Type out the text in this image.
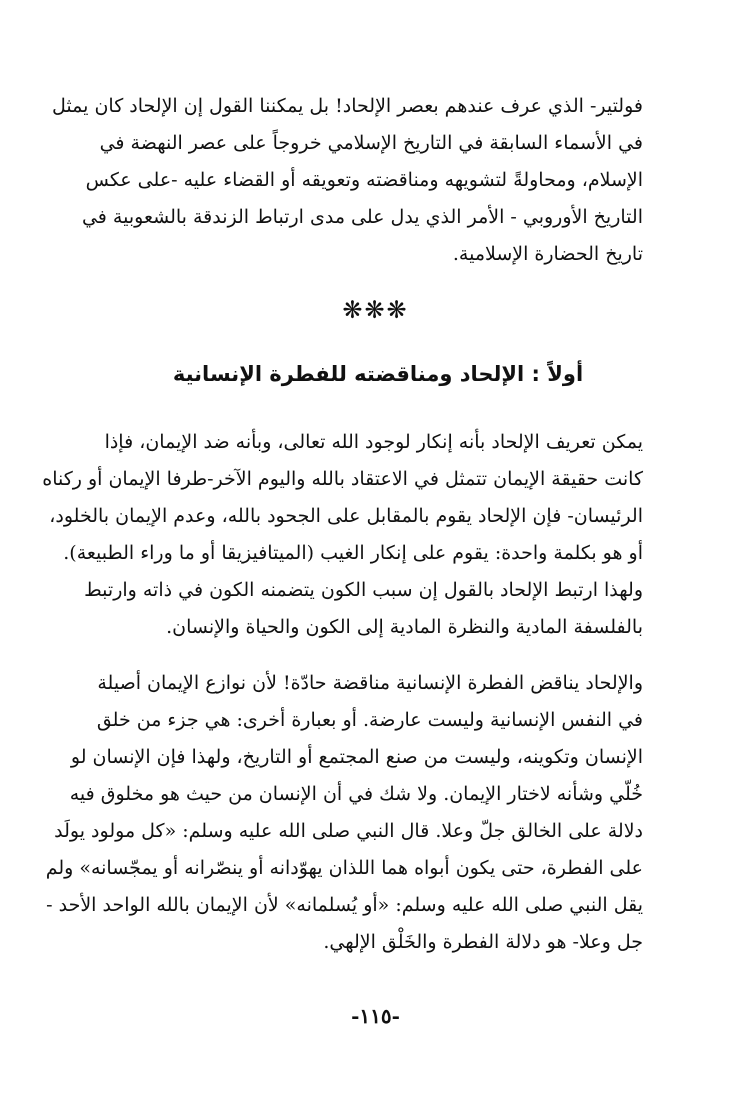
فولتير- الذي عرف عندهم بعصر الإلحاد! بل يمكننا القول إن الإلحاد كان يمثل
في الأسماء السابقة في التاريخ الإسلامي خروجاً على عصر النهضة في
الإسلام، ومحاولةً لتشويهه ومناقضته وتعويقه أو القضاء عليه -على عكس
التاريخ الأوروبي - الأمر الذي يدل على مدى ارتباط الزندقة بالشعوبية في
تاريخ الحضارة الإسلامية.
❋❋❋
أولاً : الإلحاد ومناقضته للفطرة الإنسانية
يمكن تعريف الإلحاد بأنه إنكار لوجود الله تعالى، وبأنه ضد الإيمان، فإذا
كانت حقيقة الإيمان تتمثل في الاعتقاد بالله واليوم الآخر-طرفا الإيمان أو ركناه
الرئيسان- فإن الإلحاد يقوم بالمقابل على الجحود بالله، وعدم الإيمان بالخلود،
أو هو بكلمة واحدة: يقوم على إنكار الغيب (الميتافيزيقا أو ما وراء الطبيعة).
ولهذا ارتبط الإلحاد بالقول إن سبب الكون يتضمنه الكون في ذاته وارتبط
بالفلسفة المادية والنظرة المادية إلى الكون والحياة والإنسان.
والإلحاد يناقض الفطرة الإنسانية مناقضة حادّة! لأن نوازع الإيمان أصيلة
في النفس الإنسانية وليست عارضة. أو بعبارة أخرى: هي جزء من خلق
الإنسان وتكوينه، وليست من صنع المجتمع أو التاريخ، ولهذا فإن الإنسان لو
خُلّي وشأنه لاختار الإيمان. ولا شك في أن الإنسان من حيث هو مخلوق فيه
دلالة على الخالق جلّ وعلا. قال النبي صلى الله عليه وسلم: «كل مولود يولَد
على الفطرة، حتى يكون أبواه هما اللذان يهوّدانه أو ينصّرانه أو يمجّسانه» ولم
يقل النبي صلى الله عليه وسلم: «أو يُسلمانه» لأن الإيمان بالله الواحد الأحد -
جل وعلا- هو دلالة الفطرة والخَلْق الإلهي.
-١١٥-
